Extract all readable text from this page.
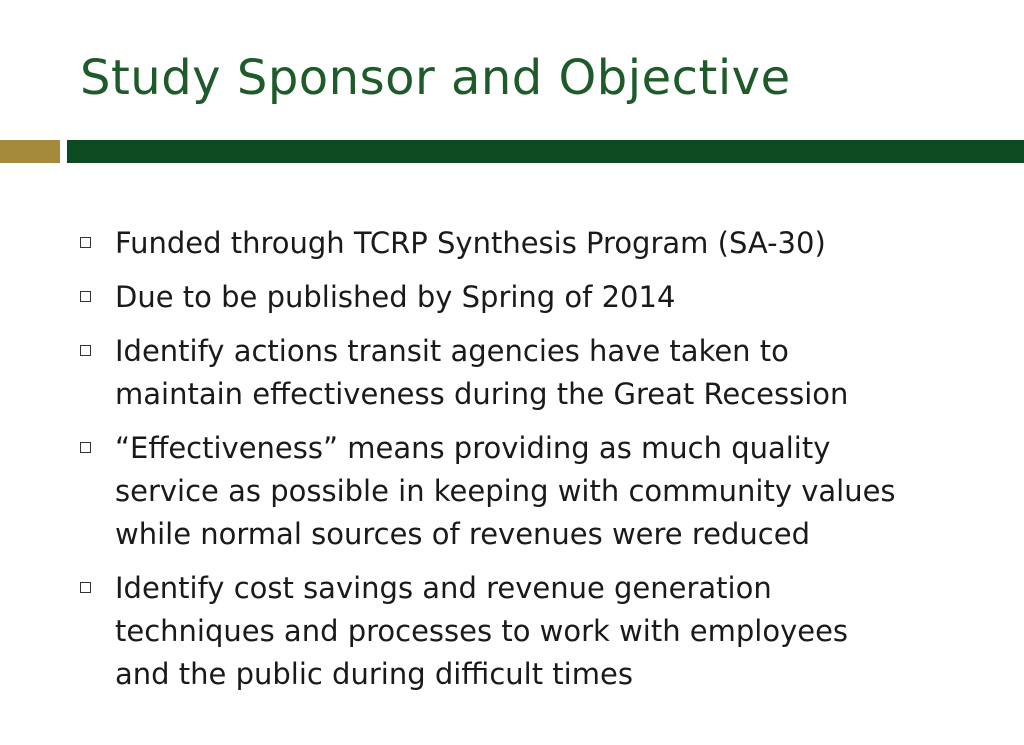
Study Sponsor and Objective
Funded through TCRP Synthesis Program (SA-30)
Due to be published by Spring of 2014
Identify actions transit agencies have taken to
maintain effectiveness during the Great Recession
“Effectiveness” means providing as much quality
service as possible in keeping with community values
while normal sources of revenues were reduced
Identify cost savings and revenue generation
techniques and processes to work with employees
and the public during difficult times
